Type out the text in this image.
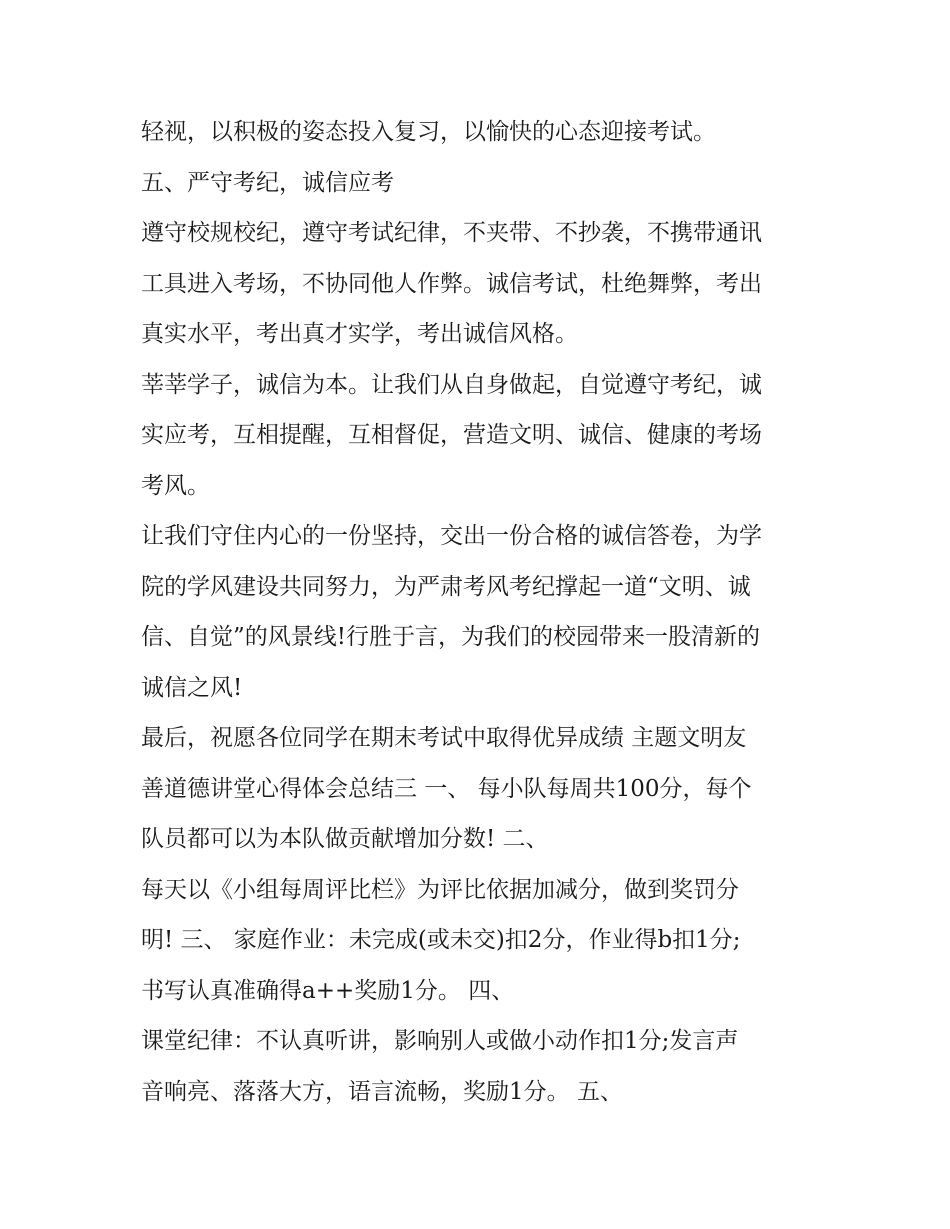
轻视，以积极的姿态投入复习，以愉快的心态迎接考试。
五、严守考纪，诚信应考
遵守校规校纪，遵守考试纪律，不夹带、不抄袭，不携带通讯
工具进入考场，不协同他人作弊。诚信考试，杜绝舞弊，考出
真实水平，考出真才实学，考出诚信风格。
莘莘学子，诚信为本。让我们从自身做起，自觉遵守考纪，诚
实应考，互相提醒，互相督促，营造文明、诚信、健康的考场
考风。
让我们守住内心的一份坚持，交出一份合格的诚信答卷，为学
院的学风建设共同努力，为严肃考风考纪撑起一道“文明、诚
信、自觉”的风景线!行胜于言，为我们的校园带来一股清新的
诚信之风!
最后，祝愿各位同学在期末考试中取得优异成绩 主题文明友
善道德讲堂心得体会总结三 一、 每小队每周共100分，每个
队员都可以为本队做贡献增加分数! 二、
每天以《小组每周评比栏》为评比依据加减分，做到奖罚分
明! 三、 家庭作业：未完成(或未交)扣2分，作业得b扣1分;
书写认真准确得a++奖励1分。 四、
课堂纪律：不认真听讲，影响别人或做小动作扣1分;发言声
音响亮、落落大方，语言流畅，奖励1分。 五、
